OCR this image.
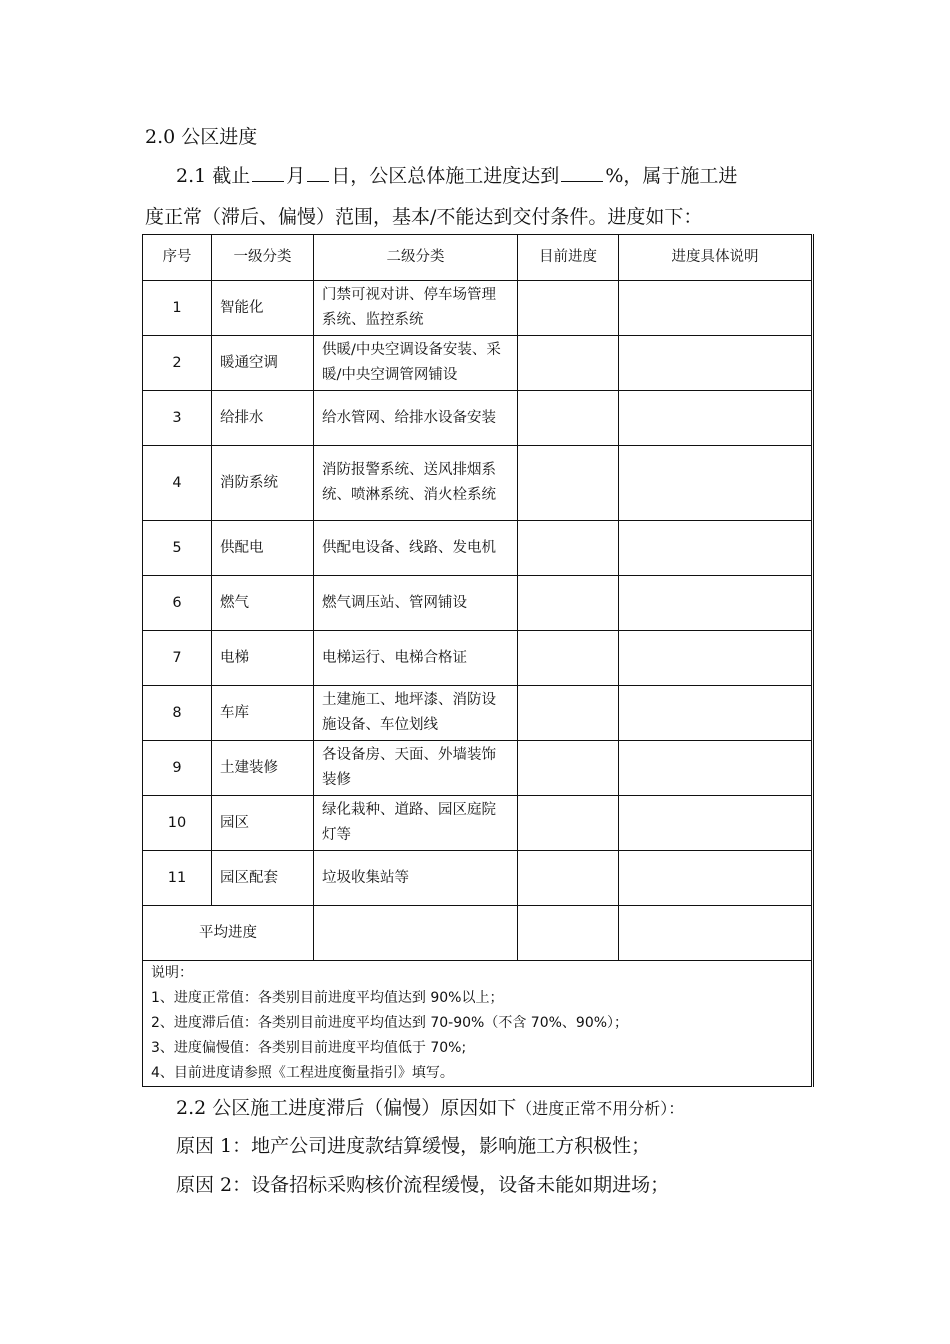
2.0 公区进度
2.1 截止 月 日，公区总体施工进度达到 %，属于施工进
度正常（滞后、偏慢）范围，基本/不能达到交付条件。进度如下：
序号	一级分类	二级分类	目前进度	进度具体说明
1	智能化	门禁可视对讲、停车场管理系统、监控系统		
2	暖通空调	供暖/中央空调设备安装、采暖/中央空调管网铺设		
3	给排水	给水管网、给排水设备安装		
4	消防系统	消防报警系统、送风排烟系统、喷淋系统、消火栓系统		
5	供配电	供配电设备、线路、发电机		
6	燃气	燃气调压站、管网铺设		
7	电梯	电梯运行、电梯合格证		
8	车库	土建施工、地坪漆、消防设施设备、车位划线		
9	土建装修	各设备房、天面、外墙装饰装修		
10	园区	绿化栽种、道路、园区庭院灯等		
11	园区配套	垃圾收集站等		
平均进度				

说明：
1、进度正常值：各类别目前进度平均值达到 90%以上；
2、进度滞后值：各类别目前进度平均值达到 70-90%（不含 70%、90%）；
3、进度偏慢值：各类别目前进度平均值低于 70%;
4、目前进度请参照《工程进度衡量指引》填写。				
2.2 公区施工进度滞后（偏慢）原因如下（进度正常不用分析）：
原因 1：地产公司进度款结算缓慢，影响施工方积极性；
原因 2：设备招标采购核价流程缓慢，设备未能如期进场；
